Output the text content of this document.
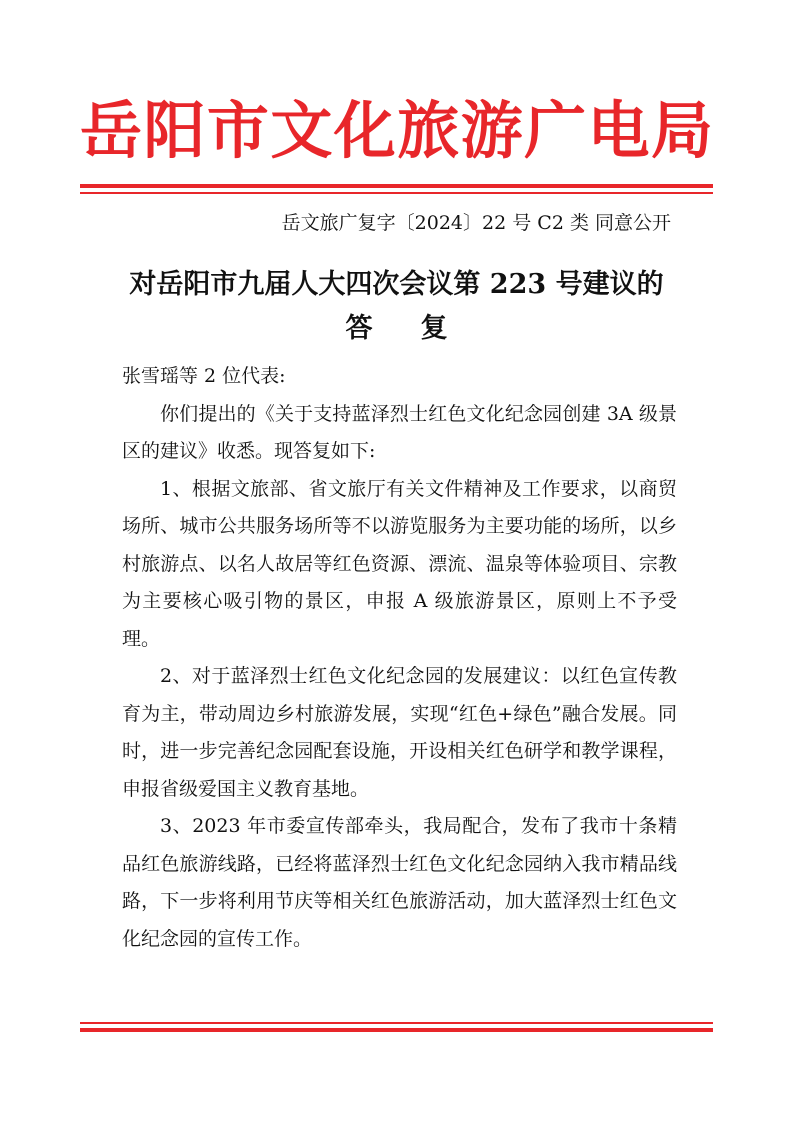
岳 阳 市 文 化 旅 游 广 电 局
岳文旅广复字〔2024〕22 号 C2 类 同意公开
对岳阳市九届人大四次会议第 223 号建议的
答复

张雪瑶等 2 位代表:

你们提出的《关于支持蓝泽烈士红色文化纪念园创建 3A 级景区的建议》收悉。现答复如下:

1、根据文旅部、省文旅厅有关文件精神及工作要求，以商贸场所、城市公共服务场所等不以游览服务为主要功能的场所，以乡村旅游点、以名人故居等红色资源、漂流、温泉等体验项目、宗教为主要核心吸引物的景区，申报 A 级旅游景区，原则上不予受理。

2、对于蓝泽烈士红色文化纪念园的发展建议：以红色宣传教育为主，带动周边乡村旅游发展，实现“红色+绿色”融合发展。同时，进一步完善纪念园配套设施，开设相关红色研学和教学课程，申报省级爱国主义教育基地。

3、2023 年市委宣传部牵头，我局配合，发布了我市十条精品红色旅游线路，已经将蓝泽烈士红色文化纪念园纳入我市精品线路，下一步将利用节庆等相关红色旅游活动，加大蓝泽烈士红色文化纪念园的宣传工作。
